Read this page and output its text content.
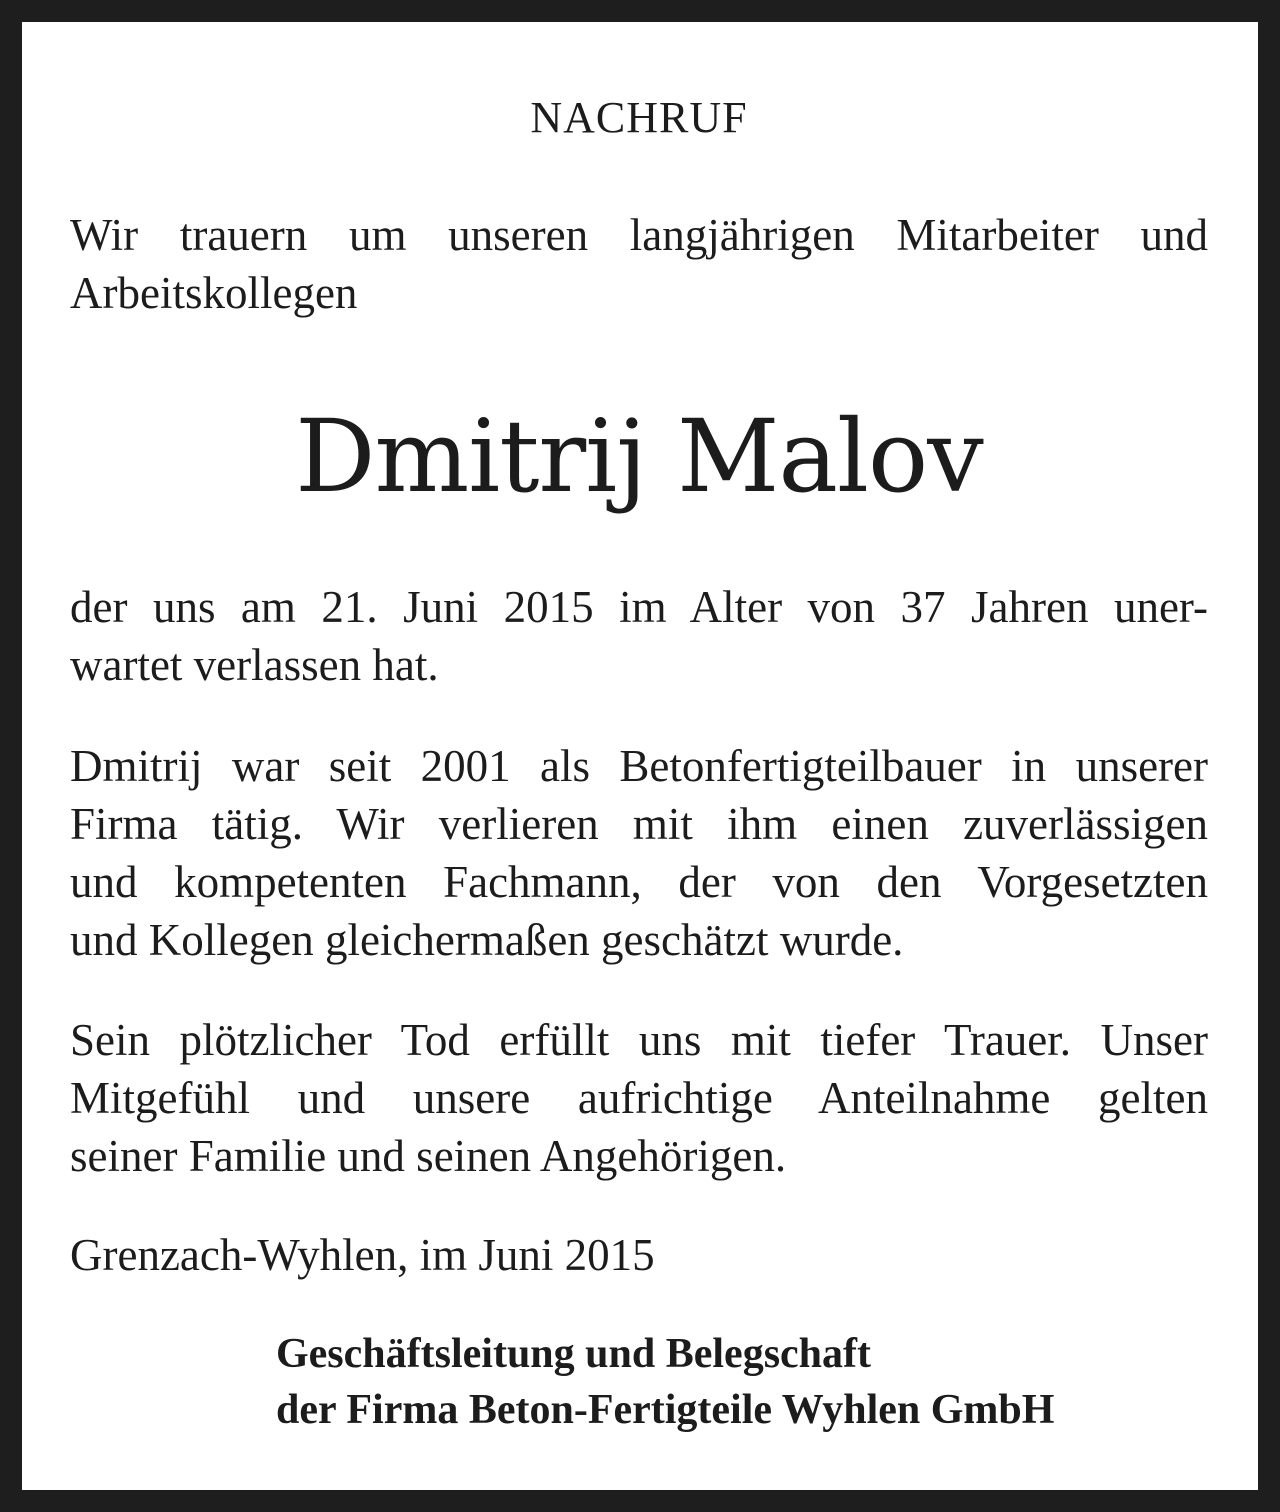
NACHRUF

Wir trauern um unseren langjährigen Mitarbeiter und
Arbeitskollegen

Dmitrij Malov

der uns am 21. Juni 2015 im Alter von 37 Jahren uner-
wartet verlassen hat.

Dmitrij war seit 2001 als Betonfertigteilbauer in unserer
Firma tätig. Wir verlieren mit ihm einen zuverlässigen
und kompetenten Fachmann, der von den Vorgesetzten
und Kollegen gleichermaßen geschätzt wurde.

Sein plötzlicher Tod erfüllt uns mit tiefer Trauer. Unser
Mitgefühl und unsere aufrichtige Anteilnahme gelten
seiner Familie und seinen Angehörigen.

Grenzach-Wyhlen, im Juni 2015

Geschäftsleitung und Belegschaft
der Firma Beton-Fertigteile Wyhlen GmbH
